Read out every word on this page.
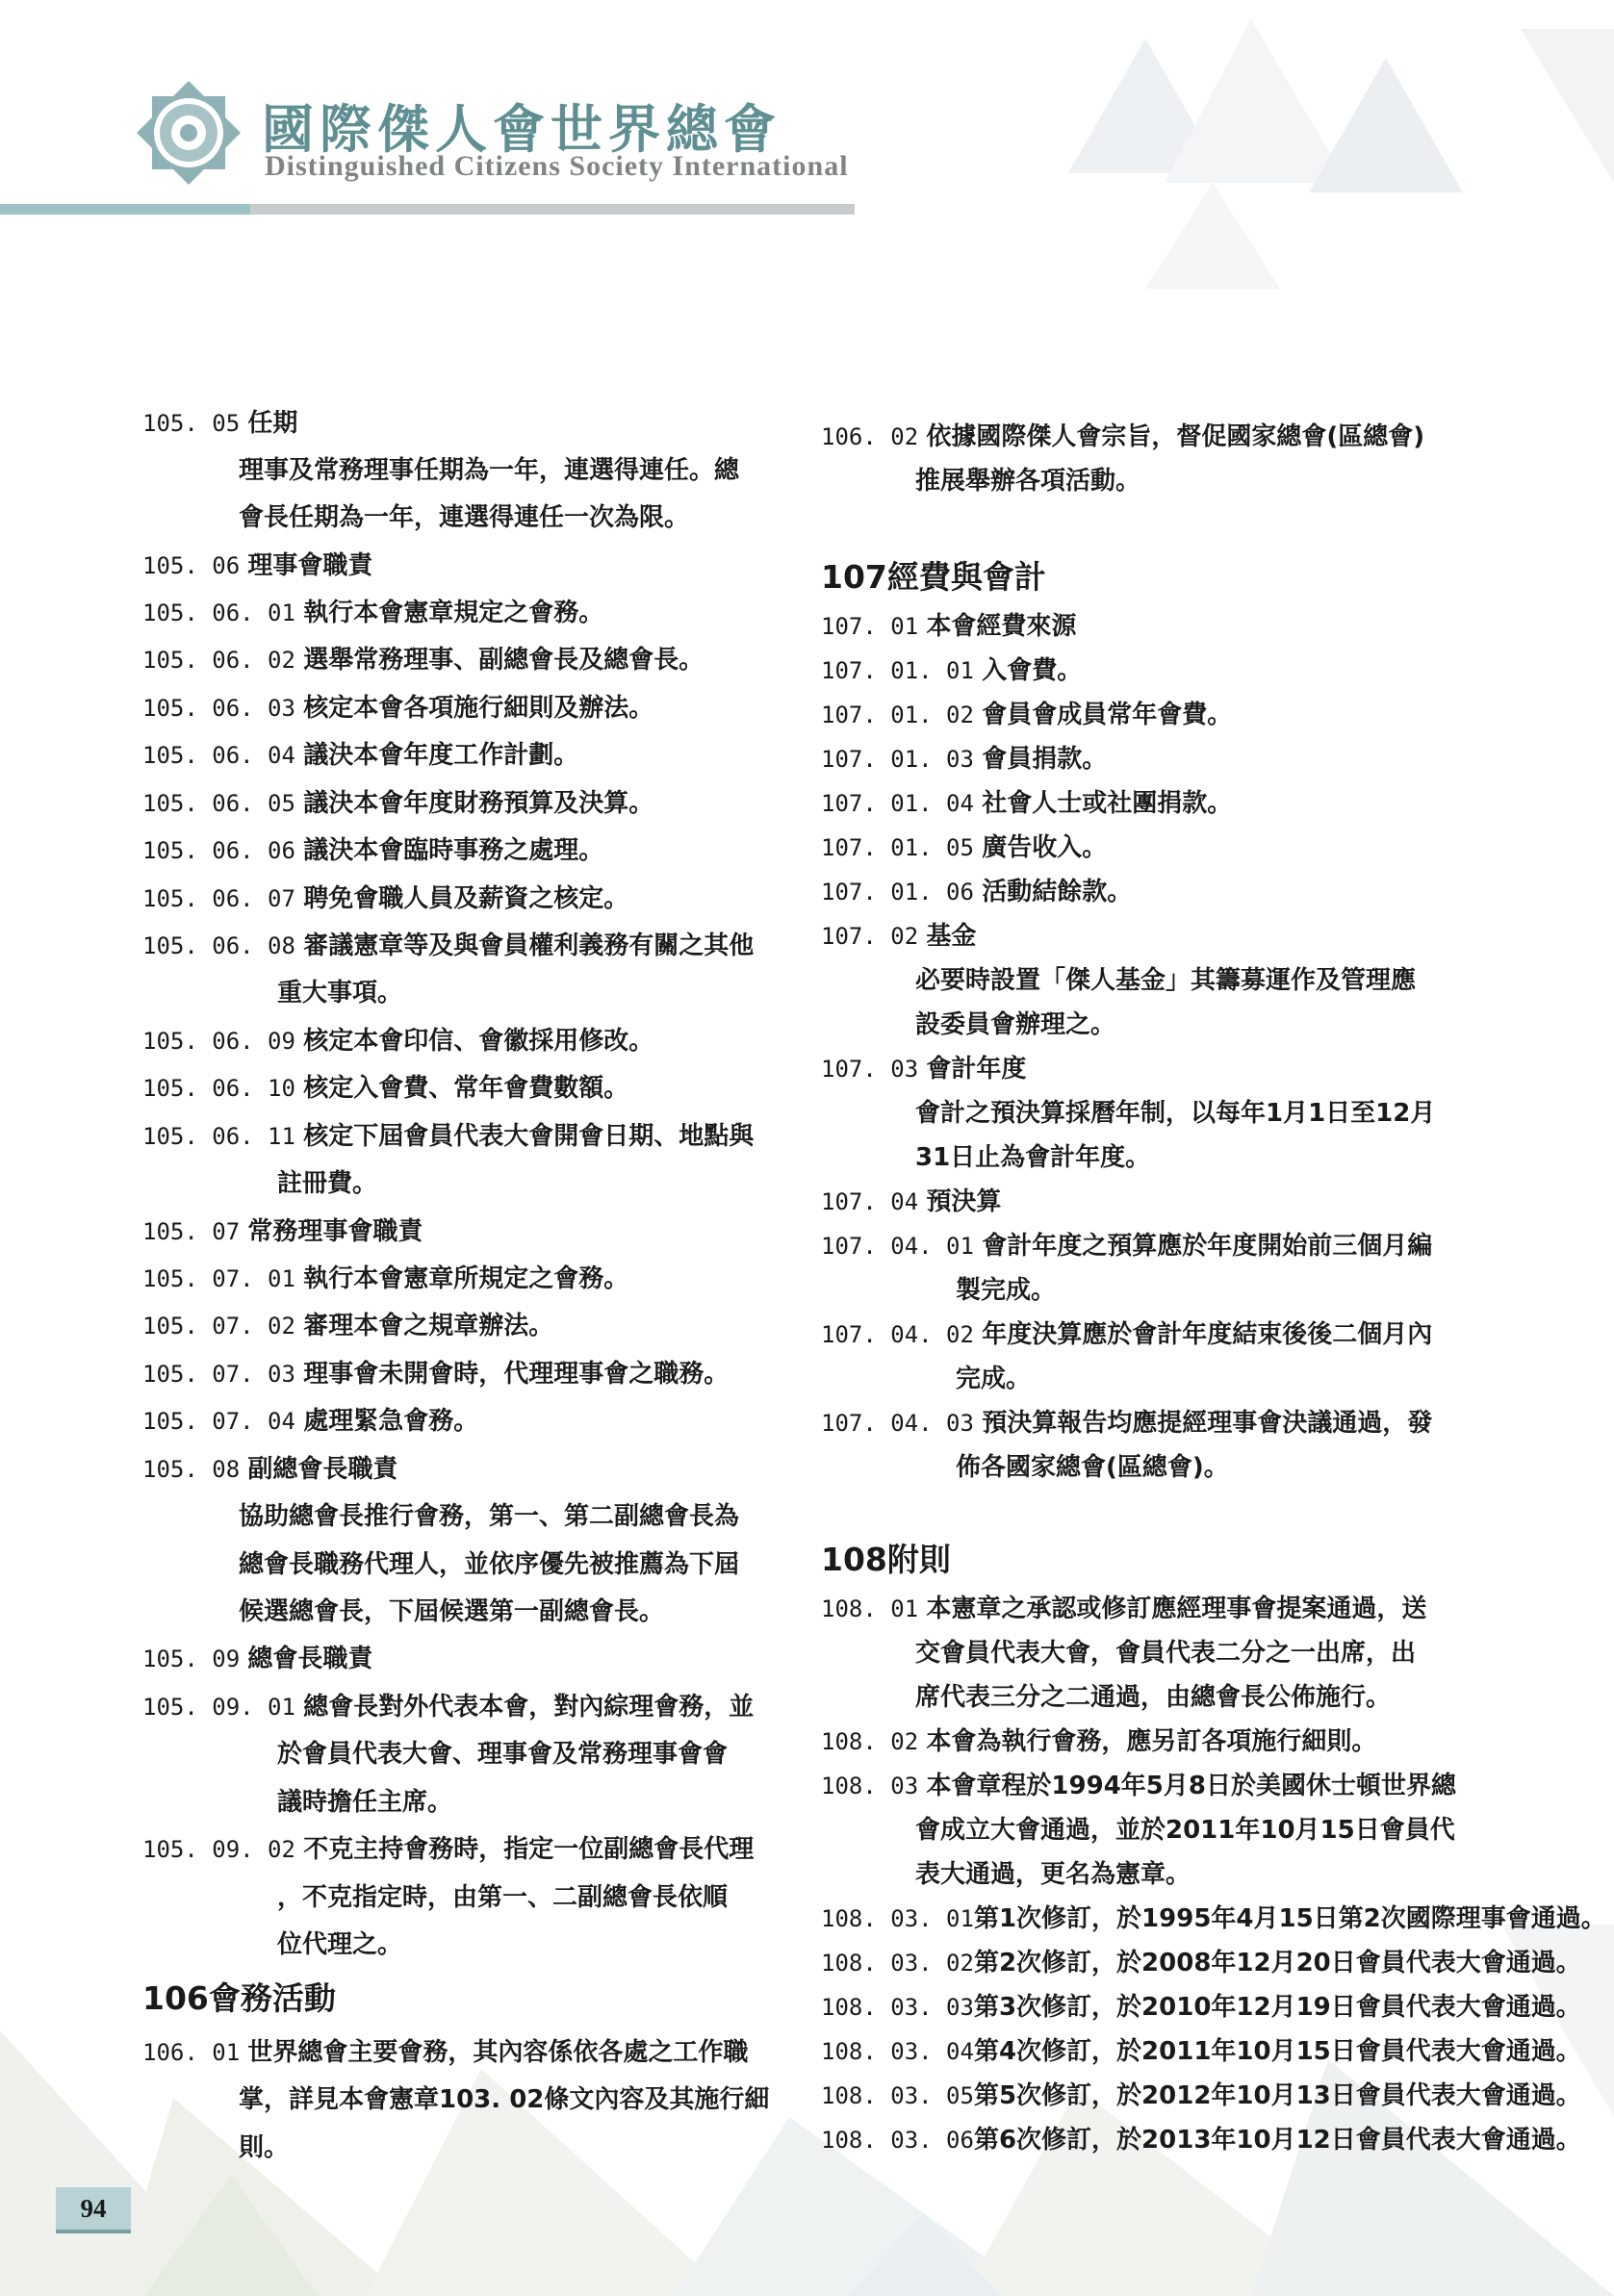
國際傑人會世界總會
Distinguished Citizens Society International
105. 05 任期
理事及常務理事任期為一年，連選得連任。總
會長任期為一年，連選得連任一次為限。
105. 06 理事會職責
105. 06. 01 執行本會憲章規定之會務。
105. 06. 02 選舉常務理事、副總會長及總會長。
105. 06. 03 核定本會各項施行細則及辦法。
105. 06. 04 議決本會年度工作計劃。
105. 06. 05 議決本會年度財務預算及決算。
105. 06. 06 議決本會臨時事務之處理。
105. 06. 07 聘免會職人員及薪資之核定。
105. 06. 08 審議憲章等及與會員權利義務有關之其他
重大事項。
105. 06. 09 核定本會印信、會徽採用修改。
105. 06. 10 核定入會費、常年會費數額。
105. 06. 11 核定下屆會員代表大會開會日期、地點與
註冊費。
105. 07 常務理事會職責
105. 07. 01 執行本會憲章所規定之會務。
105. 07. 02 審理本會之規章辦法。
105. 07. 03 理事會未開會時，代理理事會之職務。
105. 07. 04 處理緊急會務。
105. 08 副總會長職責
協助總會長推行會務，第一、第二副總會長為
總會長職務代理人，並依序優先被推薦為下屆
候選總會長，下屆候選第一副總會長。
105. 09 總會長職責
105. 09. 01 總會長對外代表本會，對內綜理會務，並
於會員代表大會、理事會及常務理事會會
議時擔任主席。
105. 09. 02 不克主持會務時，指定一位副總會長代理
，不克指定時，由第一、二副總會長依順
位代理之。
106會務活動
106. 01 世界總會主要會務，其內容係依各處之工作職
掌，詳見本會憲章103. 02條文內容及其施行細
則。
106. 02 依據國際傑人會宗旨，督促國家總會(區總會)
推展舉辦各項活動。
107經費與會計
107. 01 本會經費來源
107. 01. 01 入會費。
107. 01. 02 會員會成員常年會費。
107. 01. 03 會員捐款。
107. 01. 04 社會人士或社團捐款。
107. 01. 05 廣告收入。
107. 01. 06 活動結餘款。
107. 02 基金
必要時設置「傑人基金」其籌募運作及管理應
設委員會辦理之。
107. 03 會計年度
會計之預決算採曆年制，以每年1月1日至12月
31日止為會計年度。
107. 04 預決算
107. 04. 01 會計年度之預算應於年度開始前三個月編
製完成。
107. 04. 02 年度決算應於會計年度結束後後二個月內
完成。
107. 04. 03 預決算報告均應提經理事會決議通過，發
佈各國家總會(區總會)。
108附則
108. 01 本憲章之承認或修訂應經理事會提案通過，送
交會員代表大會，會員代表二分之一出席，出
席代表三分之二通過，由總會長公佈施行。
108. 02 本會為執行會務，應另訂各項施行細則。
108. 03 本會章程於1994年5月8日於美國休士頓世界總
會成立大會通過，並於2011年10月15日會員代
表大通過，更名為憲章。
108. 03. 01第1次修訂，於1995年4月15日第2次國際理事會通過。
108. 03. 02第2次修訂，於2008年12月20日會員代表大會通過。
108. 03. 03第3次修訂，於2010年12月19日會員代表大會通過。
108. 03. 04第4次修訂，於2011年10月15日會員代表大會通過。
108. 03. 05第5次修訂，於2012年10月13日會員代表大會通過。
108. 03. 06第6次修訂，於2013年10月12日會員代表大會通過。
94
